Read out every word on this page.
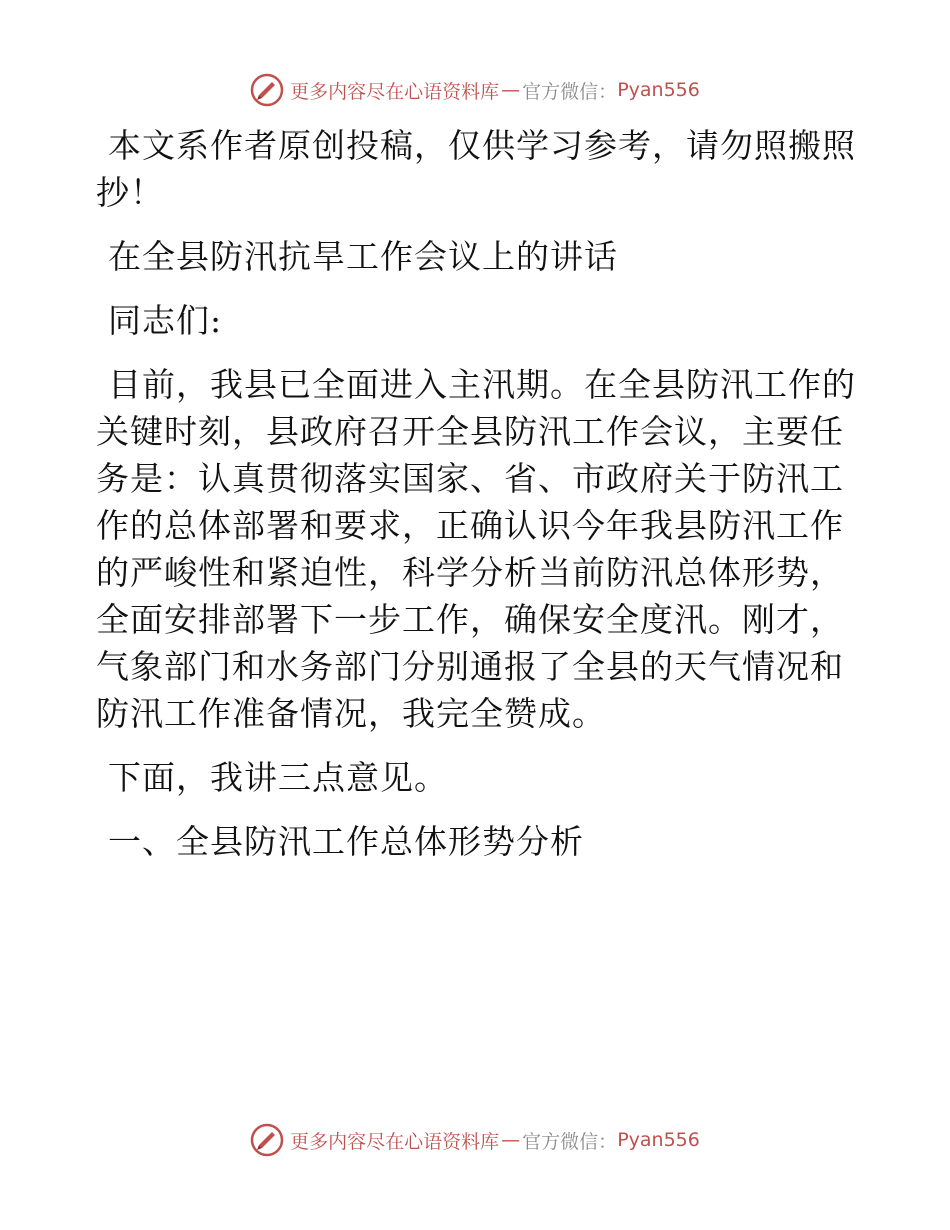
更多内容尽在心语资料库 — 官方微信： Pyan556

本文系作者原创投稿，仅供学习参考，请勿照搬照抄！

在全县防汛抗旱工作会议上的讲话

同志们:

目前，我县已全面进入主汛期。在全县防汛工作的关键时刻，县政府召开全县防汛工作会议，主要任务是：认真贯彻落实国家、省、市政府关于防汛工作的总体部署和要求，正确认识今年我县防汛工作的严峻性和紧迫性，科学分析当前防汛总体形势，全面安排部署下一步工作，确保安全度汛。刚才，气象部门和水务部门分别通报了全县的天气情况和防汛工作准备情况，我完全赞成。

下面，我讲三点意见。

一、全县防汛工作总体形势分析

更多内容尽在心语资料库 — 官方微信： Pyan556
